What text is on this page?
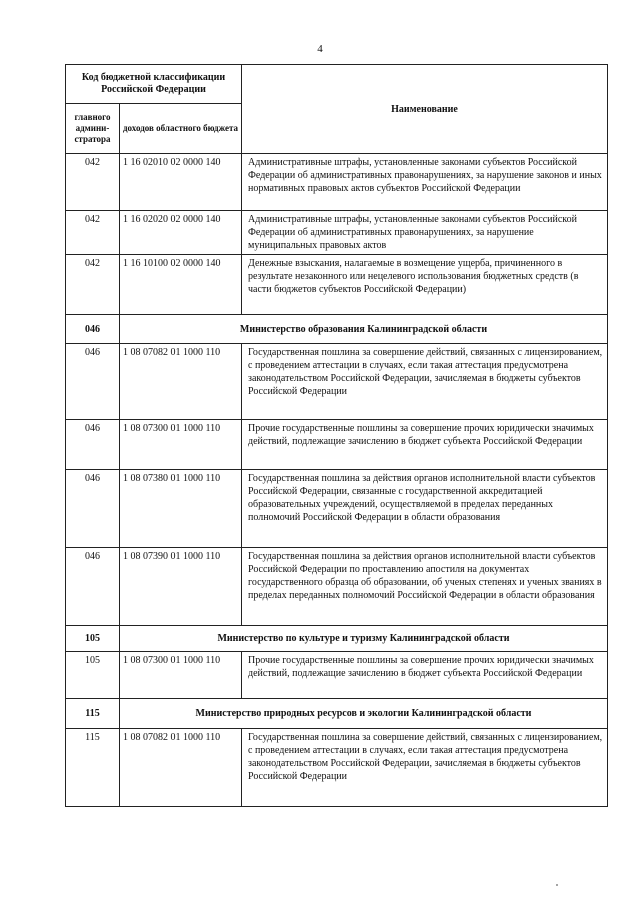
4
Код бюджетной классификации Российской Федерации		Наименование
главного админи-стратора	доходов областного бюджета	
042	1 16 02010 02 0000 140	Административные штрафы, установленные законами субъектов Российской Федерации об административных правонарушениях, за нарушение законов и иных нормативных правовых актов субъектов Российской Федерации
042	1 16 02020 02 0000 140	Административные штрафы, установленные законами субъектов Российской Федерации об административных правонарушениях, за нарушение муниципальных правовых актов
042	1 16 10100 02 0000 140	Денежные взыскания, налагаемые в возмещение ущерба, причиненного в результате незаконного или нецелевого использования бюджетных средств (в части бюджетов субъектов Российской Федерации)
046	Министерство образования Калининградской области	
046	1 08 07082 01 1000 110	Государственная пошлина за совершение действий, связанных с лицензированием, с проведением аттестации в случаях, если такая аттестация предусмотрена законодательством Российской Федерации, зачисляемая в бюджеты субъектов Российской Федерации
046	1 08 07300 01 1000 110	Прочие государственные пошлины за совершение прочих юридически значимых действий, подлежащие зачислению в бюджет субъекта Российской Федерации
046	1 08 07380 01 1000 110	Государственная пошлина за действия органов исполнительной власти субъектов Российской Федерации, связанные с государственной аккредитацией образовательных учреждений, осуществляемой в пределах переданных полномочий Российской Федерации в области образования
046	1 08 07390 01 1000 110	Государственная пошлина за действия органов исполнительной власти субъектов Российской Федерации по проставлению апостиля на документах государственного образца об образовании, об ученых степенях и ученых званиях в пределах переданных полномочий Российской Федерации в области образования
105	Министерство по культуре и туризму Калининградской области	
105	1 08 07300 01 1000 110	Прочие государственные пошлины за совершение прочих юридически значимых действий, подлежащие зачислению в бюджет субъекта Российской Федерации
115	Министерство природных ресурсов и экологии Калининградской области	
115	1 08 07082 01 1000 110	Государственная пошлина за совершение действий, связанных с лицензированием, с проведением аттестации в случаях, если такая аттестация предусмотрена законодательством Российской Федерации, зачисляемая в бюджеты субъектов Российской Федерации
